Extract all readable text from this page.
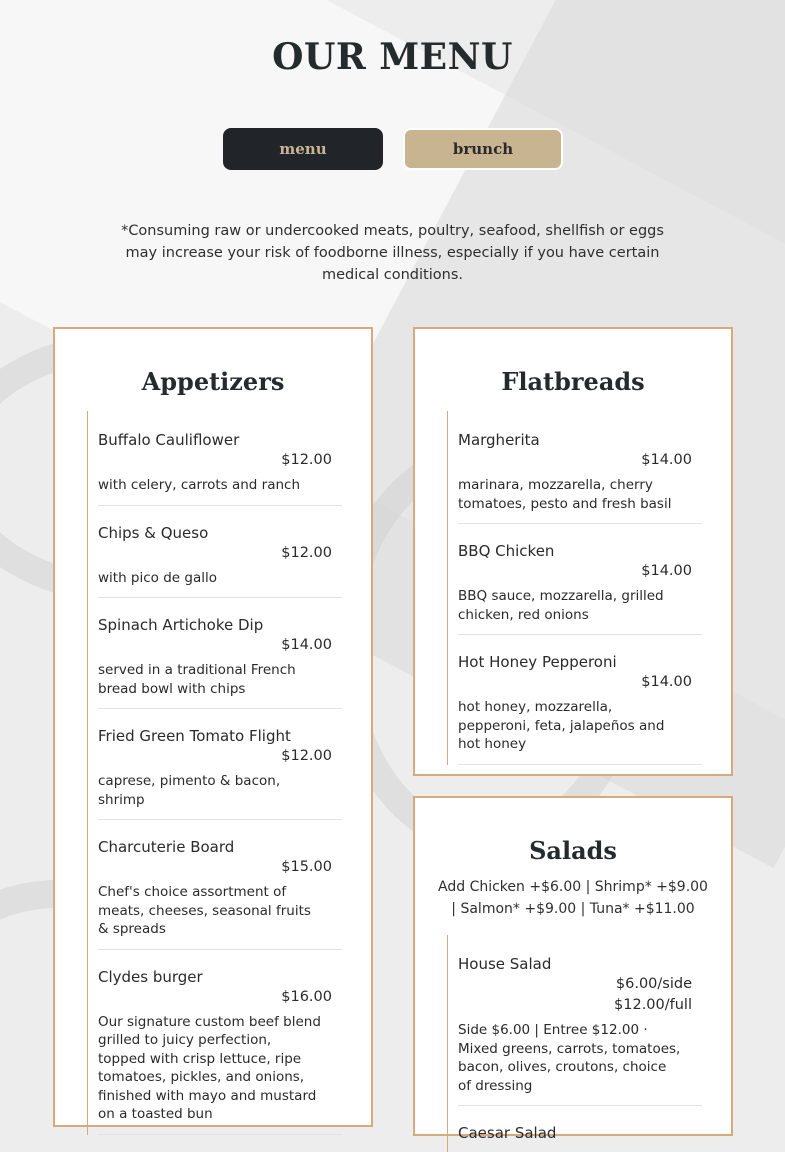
OUR MENU
menu	brunch

*Consuming raw or undercooked meats, poultry, seafood, shellfish or eggs may increase your risk of foodborne illness, especially if you have certain medical conditions.

Appetizers
Buffalo Cauliflower
$12.00
with celery, carrots and ranch
Chips & Queso
$12.00
with pico de gallo
Spinach Artichoke Dip
$14.00
served in a traditional French bread bowl with chips
Fried Green Tomato Flight
$12.00
caprese, pimento & bacon, shrimp
Charcuterie Board
$15.00
Chef's choice assortment of meats, cheeses, seasonal fruits & spreads
Clydes burger
$16.00
Our signature custom beef blend grilled to juicy perfection, topped with crisp lettuce, ripe tomatoes, pickles, and onions, finished with mayo and mustard on a toasted bun
Flatbreads
Margherita
$14.00
marinara, mozzarella, cherry tomatoes, pesto and fresh basil
BBQ Chicken
$14.00
BBQ sauce, mozzarella, grilled chicken, red onions
Hot Honey Pepperoni
$14.00
hot honey, mozzarella, pepperoni, feta, jalapeños and hot honey
Salads
Add Chicken +$6.00 | Shrimp* +$9.00 | Salmon* +$9.00 | Tuna* +$11.00
House Salad
$6.00/side
$12.00/full
Side $6.00 | Entree $12.00 · Mixed greens, carrots, tomatoes, bacon, olives, croutons, choice of dressing
Caesar Salad
